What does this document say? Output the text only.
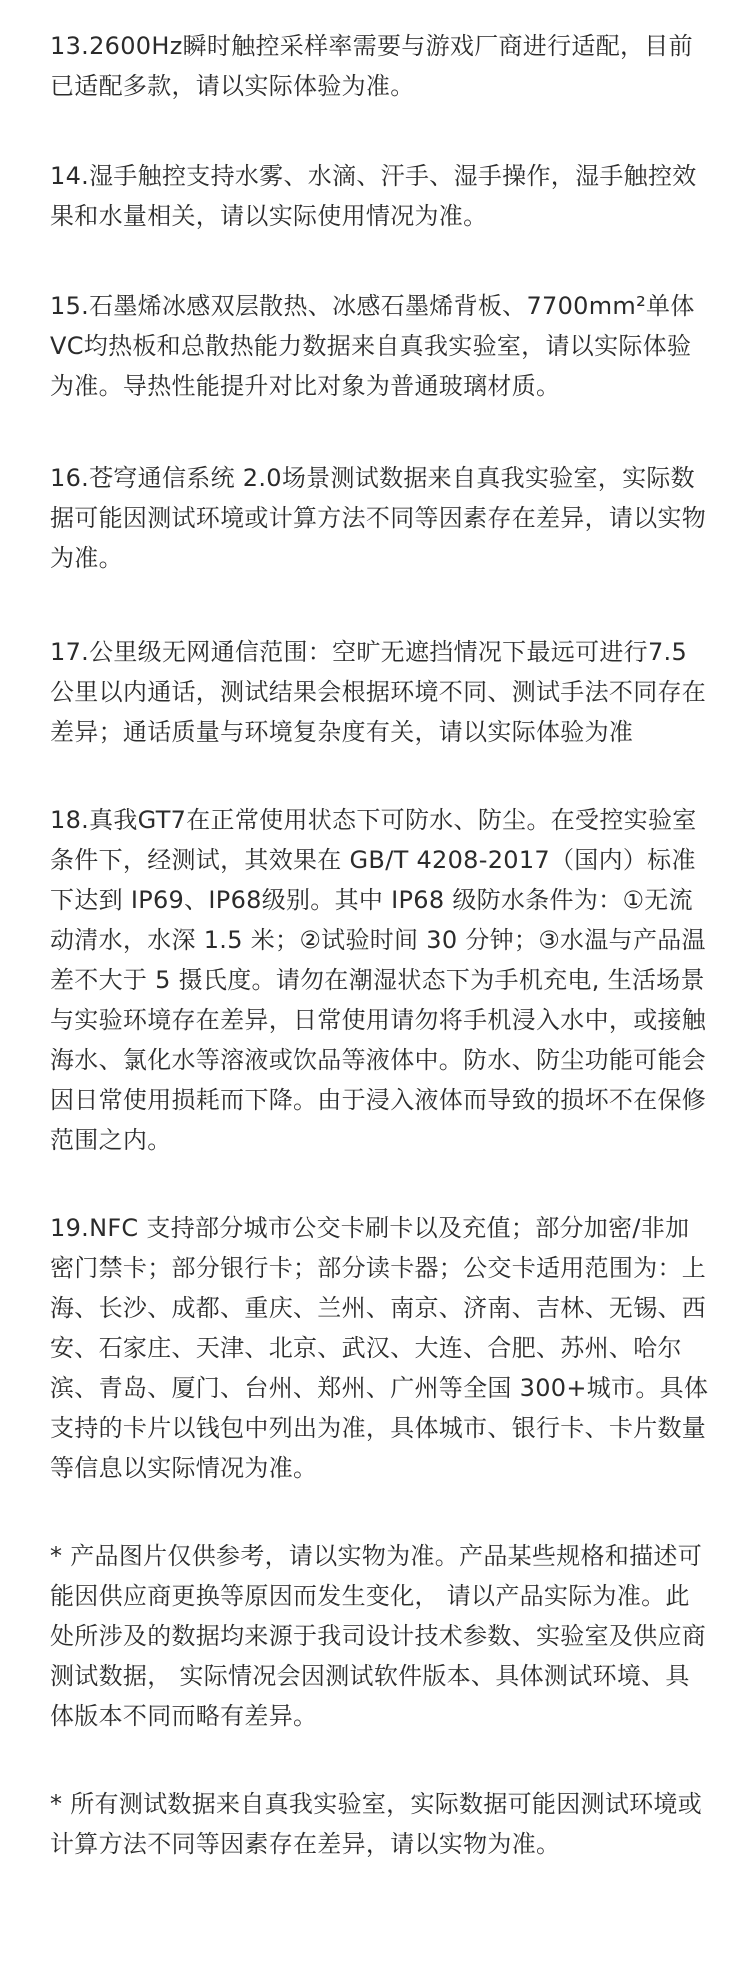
13.2600Hz瞬时触控采样率需要与游戏厂商进行适配，目前已适配多款，请以实际体验为准。

14.湿手触控支持水雾、水滴、汗手、湿手操作，湿手触控效果和水量相关，请以实际使用情况为准。

15.石墨烯冰感双层散热、冰感石墨烯背板、7700mm²单体VC均热板和总散热能力数据来自真我实验室，请以实际体验为准。导热性能提升对比对象为普通玻璃材质。

16.苍穹通信系统 2.0场景测试数据来自真我实验室，实际数据可能因测试环境或计算方法不同等因素存在差异，请以实物为准。

17.公里级无网通信范围：空旷无遮挡情况下最远可进行7.5公里以内通话，测试结果会根据环境不同、测试手法不同存在差异；通话质量与环境复杂度有关，请以实际体验为准

18.真我GT7在正常使用状态下可防水、防尘。在受控实验室条件下，经测试，其效果在 GB/T 4208-2017（国内）标准下达到 IP69、IP68级别。其中 IP68 级防水条件为：①无流动清水，水深 1.5 米；②试验时间 30 分钟；③水温与产品温差不大于 5 摄氏度。请勿在潮湿状态下为手机充电, 生活场景与实验环境存在差异，日常使用请勿将手机浸入水中，或接触海水、氯化水等溶液或饮品等液体中。防水、防尘功能可能会因日常使用损耗而下降。由于浸入液体而导致的损坏不在保修范围之内。

19.NFC 支持部分城市公交卡刷卡以及充值；部分加密/非加密门禁卡；部分银行卡；部分读卡器；公交卡适用范围为：上海、长沙、成都、重庆、兰州、南京、济南、吉林、无锡、西安、石家庄、天津、北京、武汉、大连、合肥、苏州、哈尔滨、青岛、厦门、台州、郑州、广州等全国 300+城市。具体支持的卡片以钱包中列出为准，具体城市、银行卡、卡片数量等信息以实际情况为准。

* 产品图片仅供参考，请以实物为准。产品某些规格和描述可能因供应商更换等原因而发生变化， 请以产品实际为准。此处所涉及的数据均来源于我司设计技术参数、实验室及供应商测试数据， 实际情况会因测试软件版本、具体测试环境、具体版本不同而略有差异。

* 所有测试数据来自真我实验室，实际数据可能因测试环境或计算方法不同等因素存在差异，请以实物为准。
